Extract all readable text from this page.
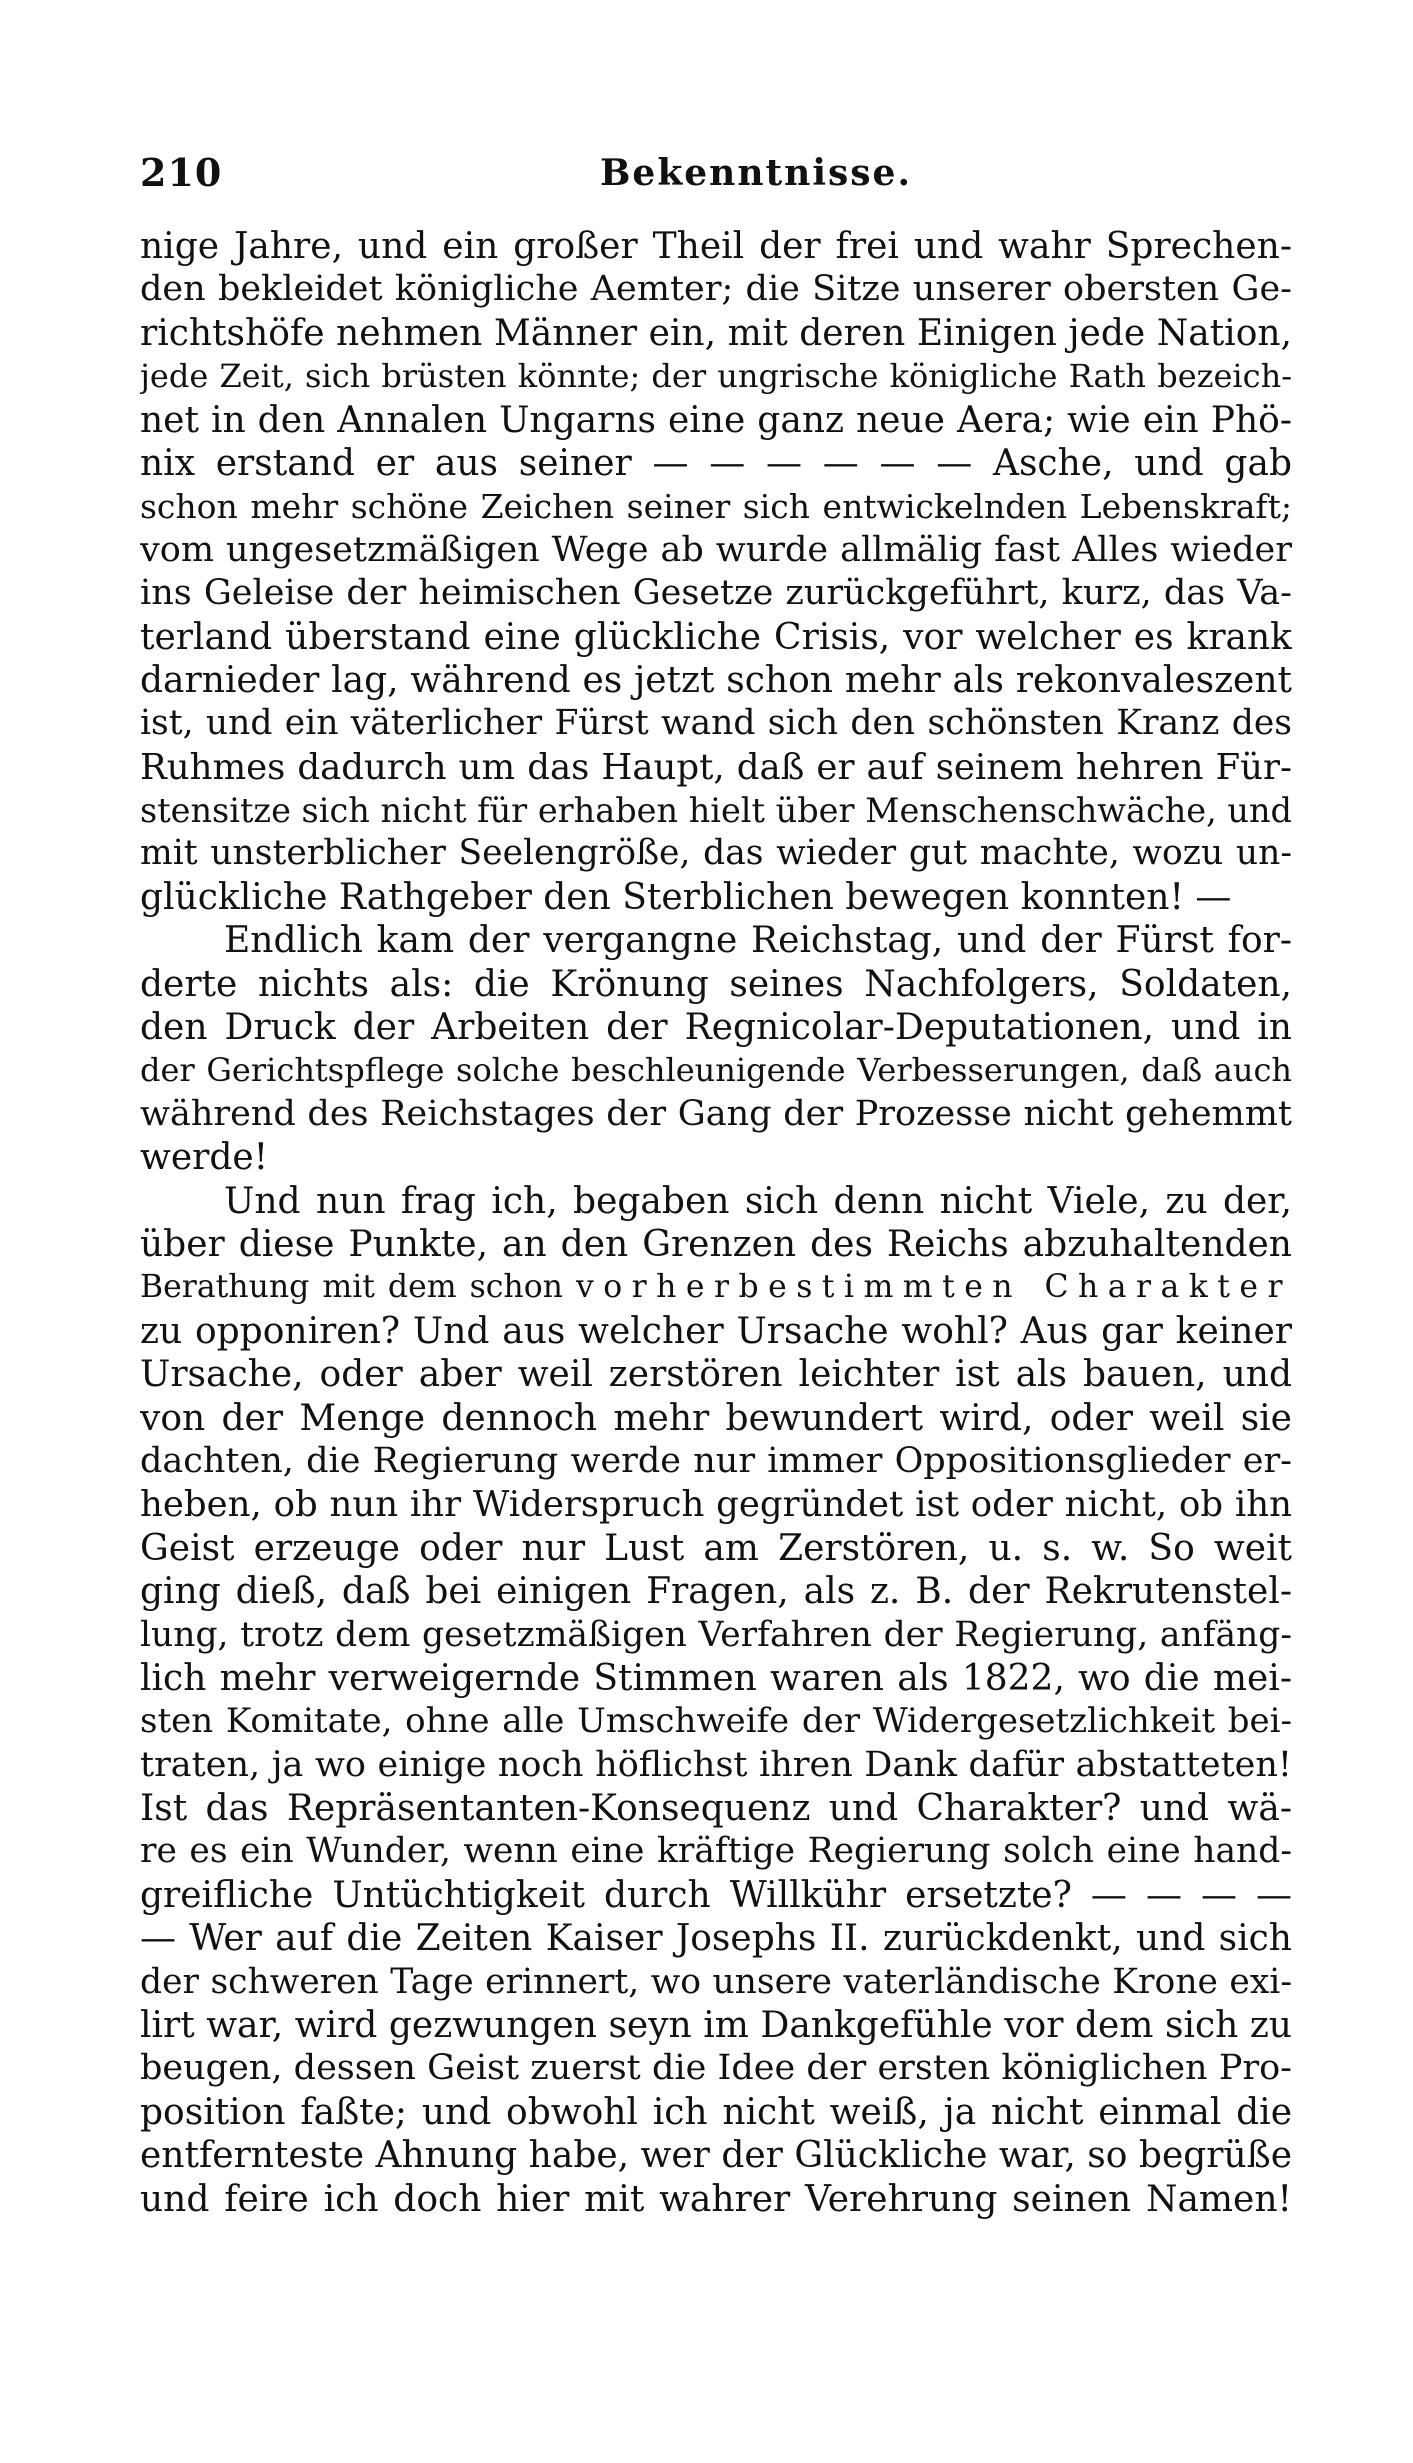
210	Bekenntnisse.
nige Jahre, und ein großer Theil der frei und wahr Sprechen-
den bekleidet königliche Aemter; die Sitze unserer obersten Ge-
richtshöfe nehmen Männer ein, mit deren Einigen jede Nation,
jede Zeit, sich brüsten könnte; der ungrische königliche Rath bezeich-
net in den Annalen Ungarns eine ganz neue Aera; wie ein Phö-
nix erstand er aus seiner — — — — — — Asche, und gab
schon mehr schöne Zeichen seiner sich entwickelnden Lebenskraft;
vom ungesetzmäßigen Wege ab wurde allmälig fast Alles wieder
ins Geleise der heimischen Gesetze zurückgeführt, kurz, das Va-
terland überstand eine glückliche Crisis, vor welcher es krank
darnieder lag, während es jetzt schon mehr als rekonvaleszent
ist, und ein väterlicher Fürst wand sich den schönsten Kranz des
Ruhmes dadurch um das Haupt, daß er auf seinem hehren Für-
stensitze sich nicht für erhaben hielt über Menschenschwäche, und
mit unsterblicher Seelengröße, das wieder gut machte, wozu un-
glückliche Rathgeber den Sterblichen bewegen konnten! —
Endlich kam der vergangne Reichstag, und der Fürst for-
derte nichts als: die Krönung seines Nachfolgers, Soldaten,
den Druck der Arbeiten der Regnicolar-Deputationen, und in
der Gerichtspflege solche beschleunigende Verbesserungen, daß auch
während des Reichstages der Gang der Prozesse nicht gehemmt
werde!
Und nun frag ich, begaben sich denn nicht Viele, zu der,
über diese Punkte, an den Grenzen des Reichs abzuhaltenden
Berathung mit dem schon vorherbestimmten Charakter
zu opponiren? Und aus welcher Ursache wohl? Aus gar keiner
Ursache, oder aber weil zerstören leichter ist als bauen, und
von der Menge dennoch mehr bewundert wird, oder weil sie
dachten, die Regierung werde nur immer Oppositionsglieder er-
heben, ob nun ihr Widerspruch gegründet ist oder nicht, ob ihn
Geist erzeuge oder nur Lust am Zerstören, u. s. w. So weit
ging dieß, daß bei einigen Fragen, als z. B. der Rekrutenstel-
lung, trotz dem gesetzmäßigen Verfahren der Regierung, anfäng-
lich mehr verweigernde Stimmen waren als 1822, wo die mei-
sten Komitate, ohne alle Umschweife der Widergesetzlichkeit bei-
traten, ja wo einige noch höflichst ihren Dank dafür abstatteten!
Ist das Repräsentanten-Konsequenz und Charakter? und wä-
re es ein Wunder, wenn eine kräftige Regierung solch eine hand-
greifliche Untüchtigkeit durch Willkühr ersetzte? — — — —
— Wer auf die Zeiten Kaiser Josephs II. zurückdenkt, und sich
der schweren Tage erinnert, wo unsere vaterländische Krone exi-
lirt war, wird gezwungen seyn im Dankgefühle vor dem sich zu
beugen, dessen Geist zuerst die Idee der ersten königlichen Pro-
position faßte; und obwohl ich nicht weiß, ja nicht einmal die
entfernteste Ahnung habe, wer der Glückliche war, so begrüße
und feire ich doch hier mit wahrer Verehrung seinen Namen!
